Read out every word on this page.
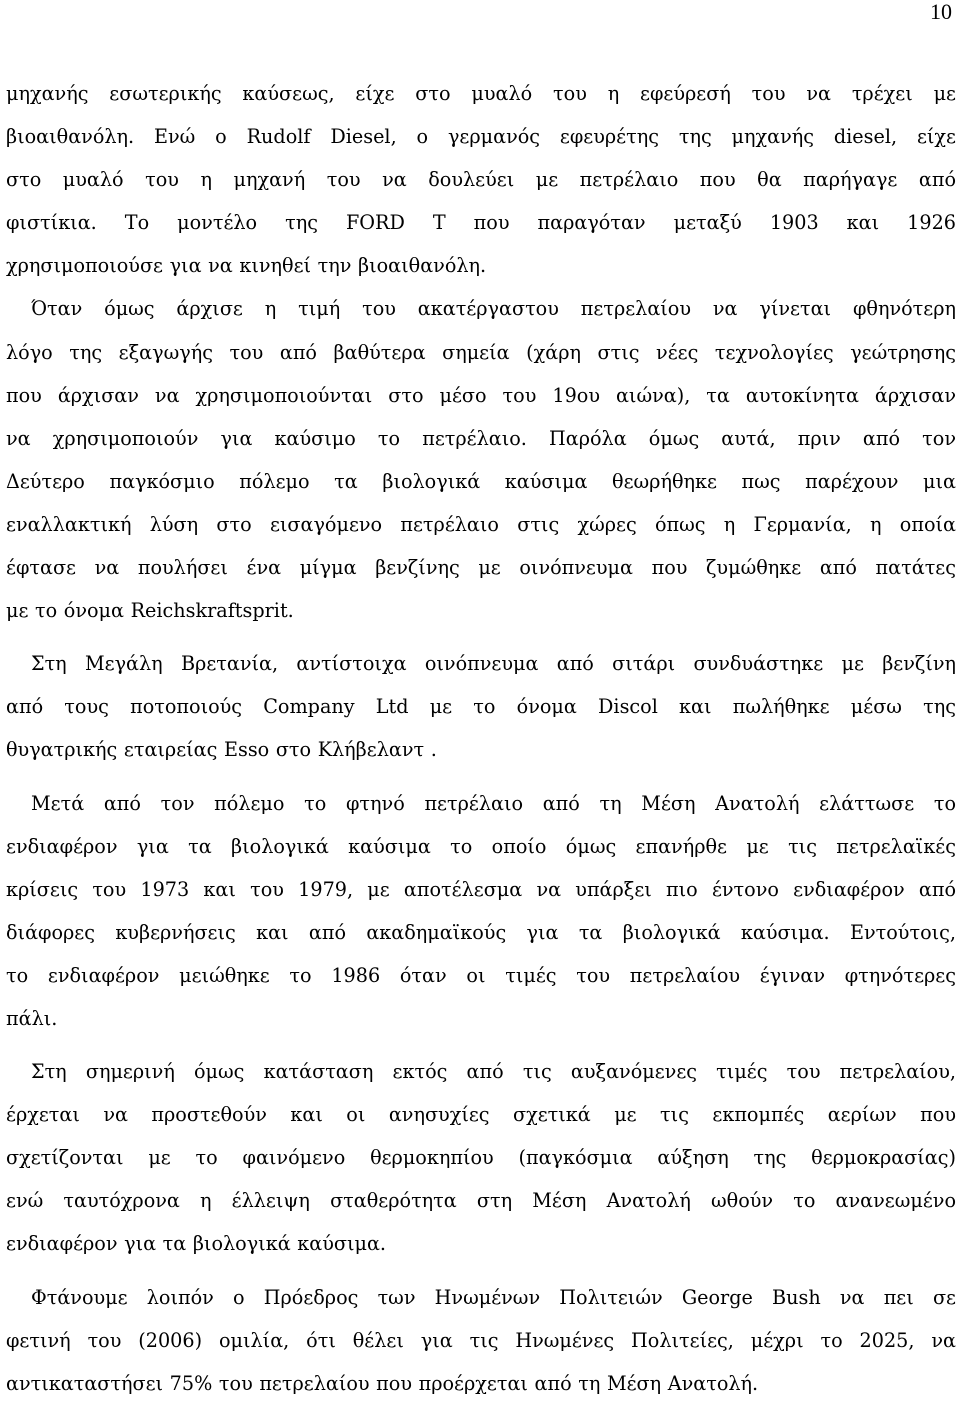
10
μηχανής εσωτερικής καύσεως, είχε στο μυαλό του η εφεύρεσή του να τρέχει με
βιοαιθανόλη. Ενώ ο Rudolf Diesel, ο γερμανός εφευρέτης της μηχανής diesel, είχε
στο μυαλό του η μηχανή του να δουλεύει με πετρέλαιο που θα παρήγαγε από
φιστίκια. Το μοντέλο της FORD T που παραγόταν μεταξύ 1903 και 1926
χρησιμοποιούσε για να κινηθεί την βιοαιθανόλη.
Όταν όμως άρχισε η τιμή του ακατέργαστου πετρελαίου να γίνεται φθηνότερη
λόγο της εξαγωγής του από βαθύτερα σημεία (χάρη στις νέες τεχνολογίες γεώτρησης
που άρχισαν να χρησιμοποιούνται στο μέσο του 19ου αιώνα), τα αυτοκίνητα άρχισαν
να χρησιμοποιούν για καύσιμο το πετρέλαιο. Παρόλα όμως αυτά, πριν από τον
Δεύτερο παγκόσμιο πόλεμο τα βιολογικά καύσιμα θεωρήθηκε πως παρέχουν μια
εναλλακτική λύση στο εισαγόμενο πετρέλαιο στις χώρες όπως η Γερμανία, η οποία
έφτασε να πουλήσει ένα μίγμα βενζίνης με οινόπνευμα που ζυμώθηκε από πατάτες
με το όνομα Reichskraftsprit.
Στη Μεγάλη Βρετανία, αντίστοιχα οινόπνευμα από σιτάρι συνδυάστηκε με βενζίνη
από τους ποτοποιούς Company Ltd με το όνομα Discol και πωλήθηκε μέσω της
θυγατρικής εταιρείας Esso στο Κλήβελαντ .
Μετά από τον πόλεμο το φτηνό πετρέλαιο από τη Μέση Ανατολή ελάττωσε το
ενδιαφέρον για τα βιολογικά καύσιμα το οποίο όμως επανήρθε με τις πετρελαϊκές
κρίσεις του 1973 και του 1979, με αποτέλεσμα να υπάρξει πιο έντονο ενδιαφέρον από
διάφορες κυβερνήσεις και από ακαδημαϊκούς για τα βιολογικά καύσιμα. Εντούτοις,
το ενδιαφέρον μειώθηκε το 1986 όταν οι τιμές του πετρελαίου έγιναν φτηνότερες
πάλι.
Στη σημερινή όμως κατάσταση εκτός από τις αυξανόμενες τιμές του πετρελαίου,
έρχεται να προστεθούν και οι ανησυχίες σχετικά με τις εκπομπές αερίων που
σχετίζονται με το φαινόμενο θερμοκηπίου (παγκόσμια αύξηση της θερμοκρασίας)
ενώ ταυτόχρονα η έλλειψη σταθερότητα στη Μέση Ανατολή ωθούν το ανανεωμένο
ενδιαφέρον για τα βιολογικά καύσιμα.
Φτάνουμε λοιπόν ο Πρόεδρος των Ηνωμένων Πολιτειών George Bush να πει σε
φετινή του (2006) ομιλία, ότι θέλει για τις Ηνωμένες Πολιτείες, μέχρι το 2025, να
αντικαταστήσει 75% του πετρελαίου που προέρχεται από τη Μέση Ανατολή.
